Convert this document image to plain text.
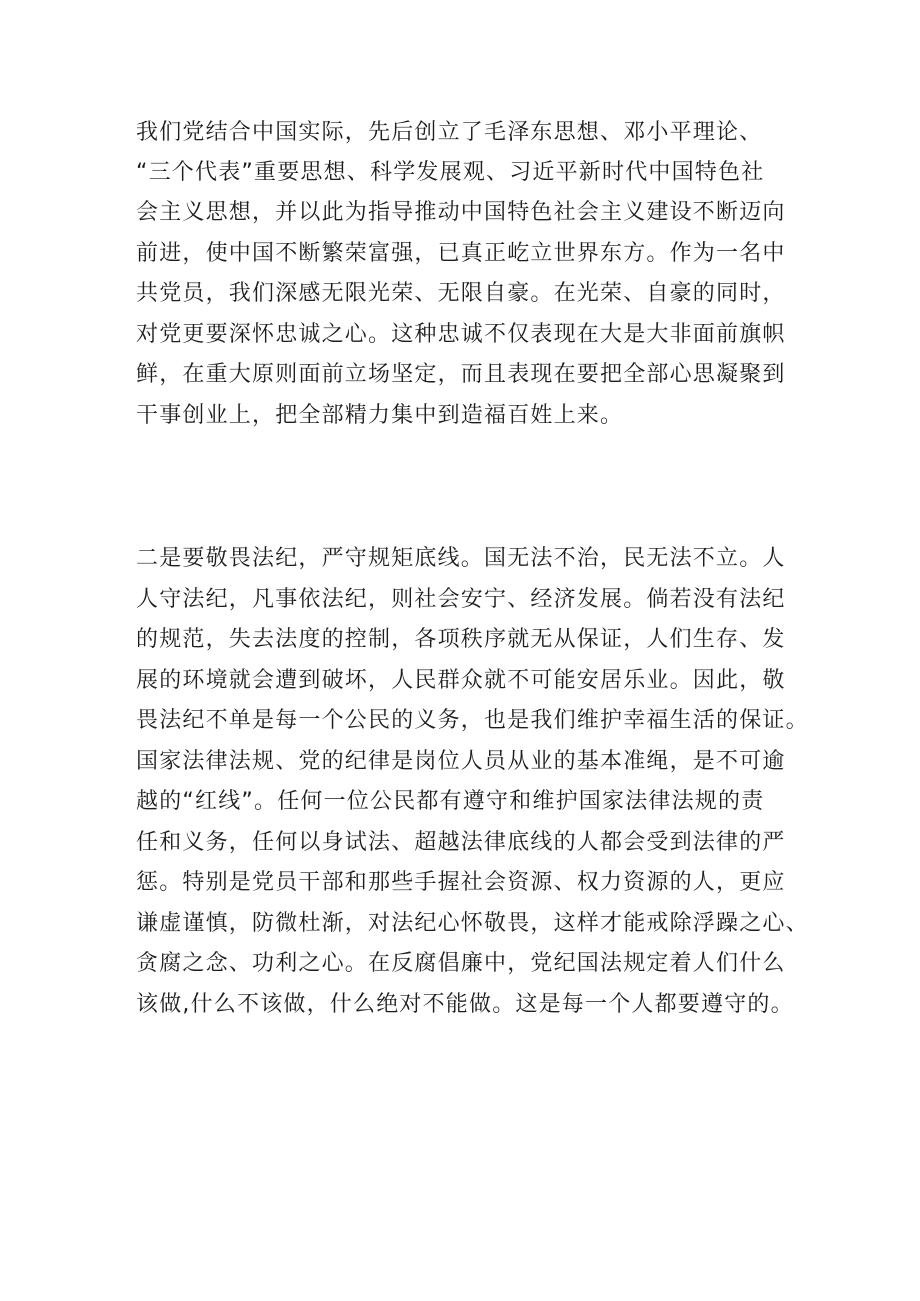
我们党结合中国实际，先后创立了毛泽东思想、邓小平理论、
“三个代表”重要思想、科学发展观、习近平新时代中国特色社
会主义思想，并以此为指导推动中国特色社会主义建设不断迈向
前进，使中国不断繁荣富强，已真正屹立世界东方。作为一名中
共党员，我们深感无限光荣、无限自豪。在光荣、自豪的同时，
对党更要深怀忠诚之心。这种忠诚不仅表现在大是大非面前旗帜
鲜，在重大原则面前立场坚定，而且表现在要把全部心思凝聚到
干事创业上，把全部精力集中到造福百姓上来。
二是要敬畏法纪，严守规矩底线。国无法不治，民无法不立。人
人守法纪，凡事依法纪，则社会安宁、经济发展。倘若没有法纪
的规范，失去法度的控制，各项秩序就无从保证，人们生存、发
展的环境就会遭到破坏，人民群众就不可能安居乐业。因此，敬
畏法纪不单是每一个公民的义务，也是我们维护幸福生活的保证。
国家法律法规、党的纪律是岗位人员从业的基本准绳，是不可逾
越的“红线”。任何一位公民都有遵守和维护国家法律法规的责
任和义务，任何以身试法、超越法律底线的人都会受到法律的严
惩。特别是党员干部和那些手握社会资源、权力资源的人，更应
谦虚谨慎，防微杜渐，对法纪心怀敬畏，这样才能戒除浮躁之心、
贪腐之念、功利之心。在反腐倡廉中，党纪国法规定着人们什么
该做,什么不该做，什么绝对不能做。这是每一个人都要遵守的。
